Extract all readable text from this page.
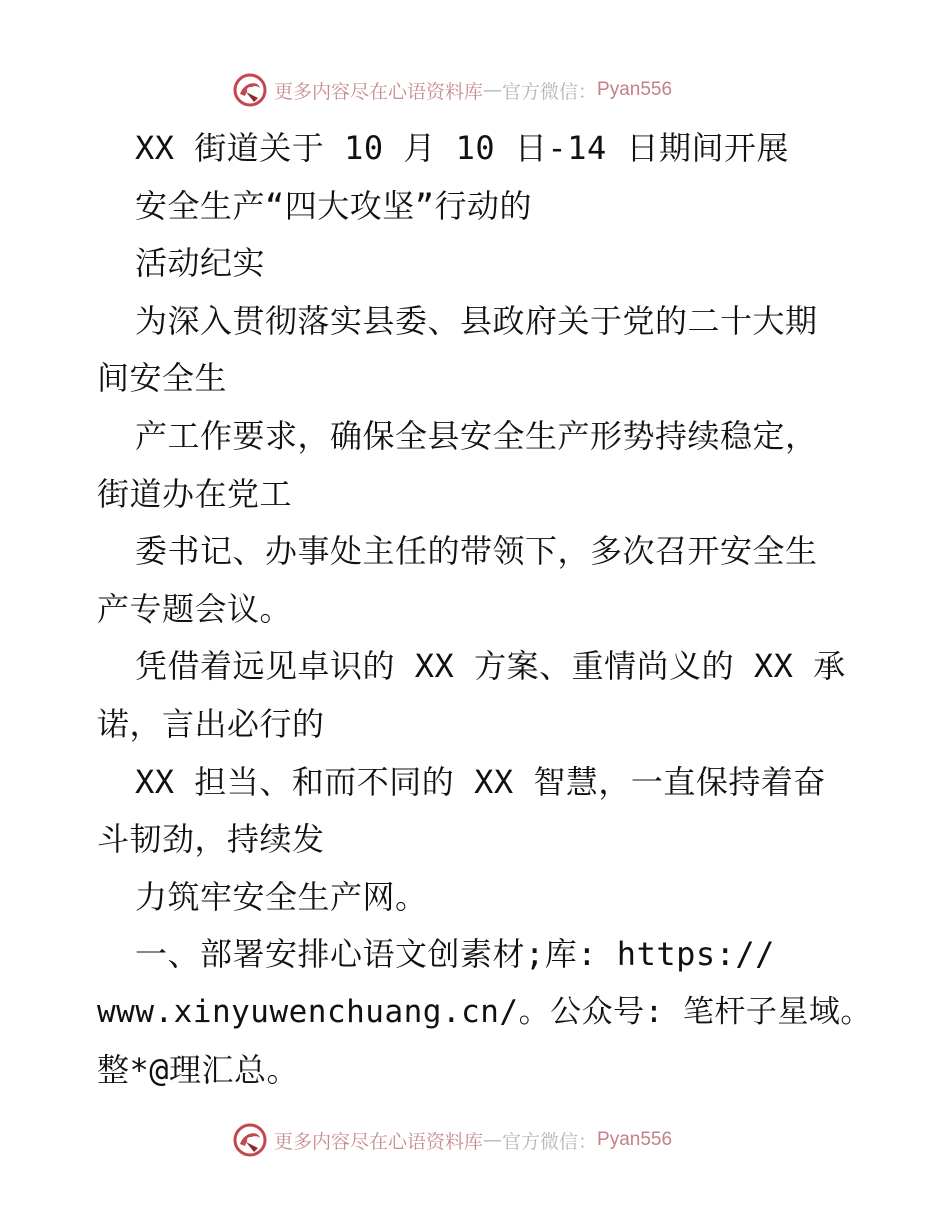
更多内容尽在心语资料库 — 官方微信： Pyan556
XX 街道关于 10 月 10 日-14 日期间开展
安全生产“四大攻坚”行动的
活动纪实
为深入贯彻落实县委、县政府关于党的二十大期
间安全生
产工作要求，确保全县安全生产形势持续稳定，
街道办在党工
委书记、办事处主任的带领下，多次召开安全生
产专题会议。
凭借着远见卓识的 XX 方案、重情尚义的 XX 承
诺，言出必行的
XX 担当、和而不同的 XX 智慧，一直保持着奋
斗韧劲，持续发
力筑牢安全生产网。
一、部署安排心语文创素材;库: https://
www.xinyuwenchuang.cn/。公众号: 笔杆子星域。
整*@理汇总。
更多内容尽在心语资料库 — 官方微信： Pyan556
